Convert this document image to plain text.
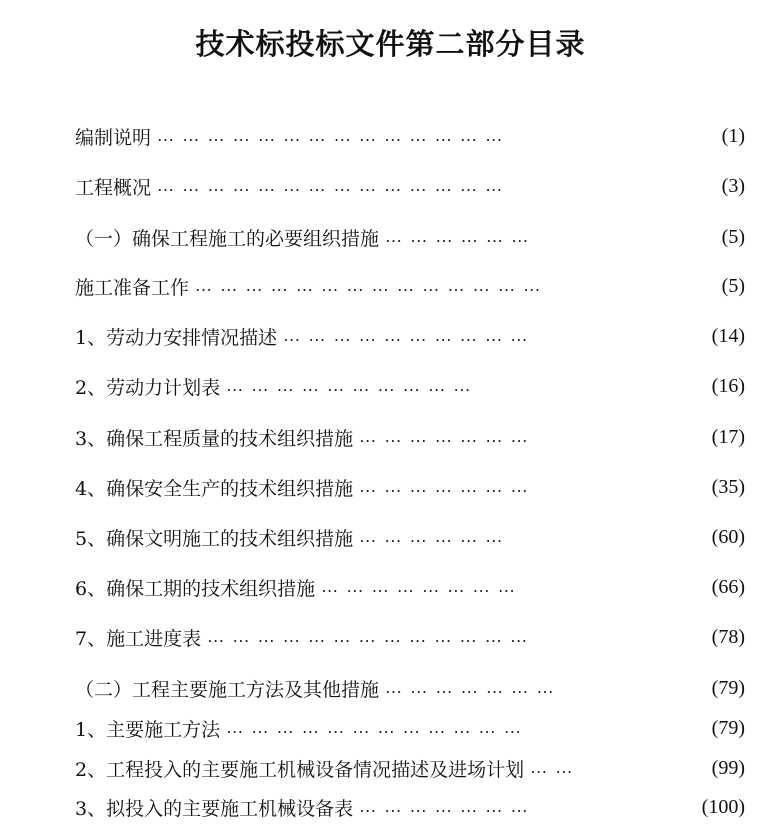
技术标投标文件第二部分目录
编制说明 … … … … … … … … … … … … … …	(1)
工程概况 … … … … … … … … … … … … … …	(3)
（一）确保工程施工的必要组织措施 … … … … … …	(5)
施工准备工作 … … … … … … … … … … … … … …	(5)
1、劳动力安排情况描述 … … … … … … … … … …	(14)
2、劳动力计划表 … … … … … … … … … …	(16)
3、确保工程质量的技术组织措施 … … … … … … …	(17)
4、确保安全生产的技术组织措施 … … … … … … …	(35)
5、确保文明施工的技术组织措施 … … … … … …	(60)
6、确保工期的技术组织措施 … … … … … … … …	(66)
7、施工进度表 … … … … … … … … … … … … …	(78)
（二）工程主要施工方法及其他措施 … … … … … … …	(79)
1、主要施工方法 … … … … … … … … … … … …	(79)
2、工程投入的主要施工机械设备情况描述及进场计划 … …	(99)
3、拟投入的主要施工机械设备表 … … … … … … …	(100)
